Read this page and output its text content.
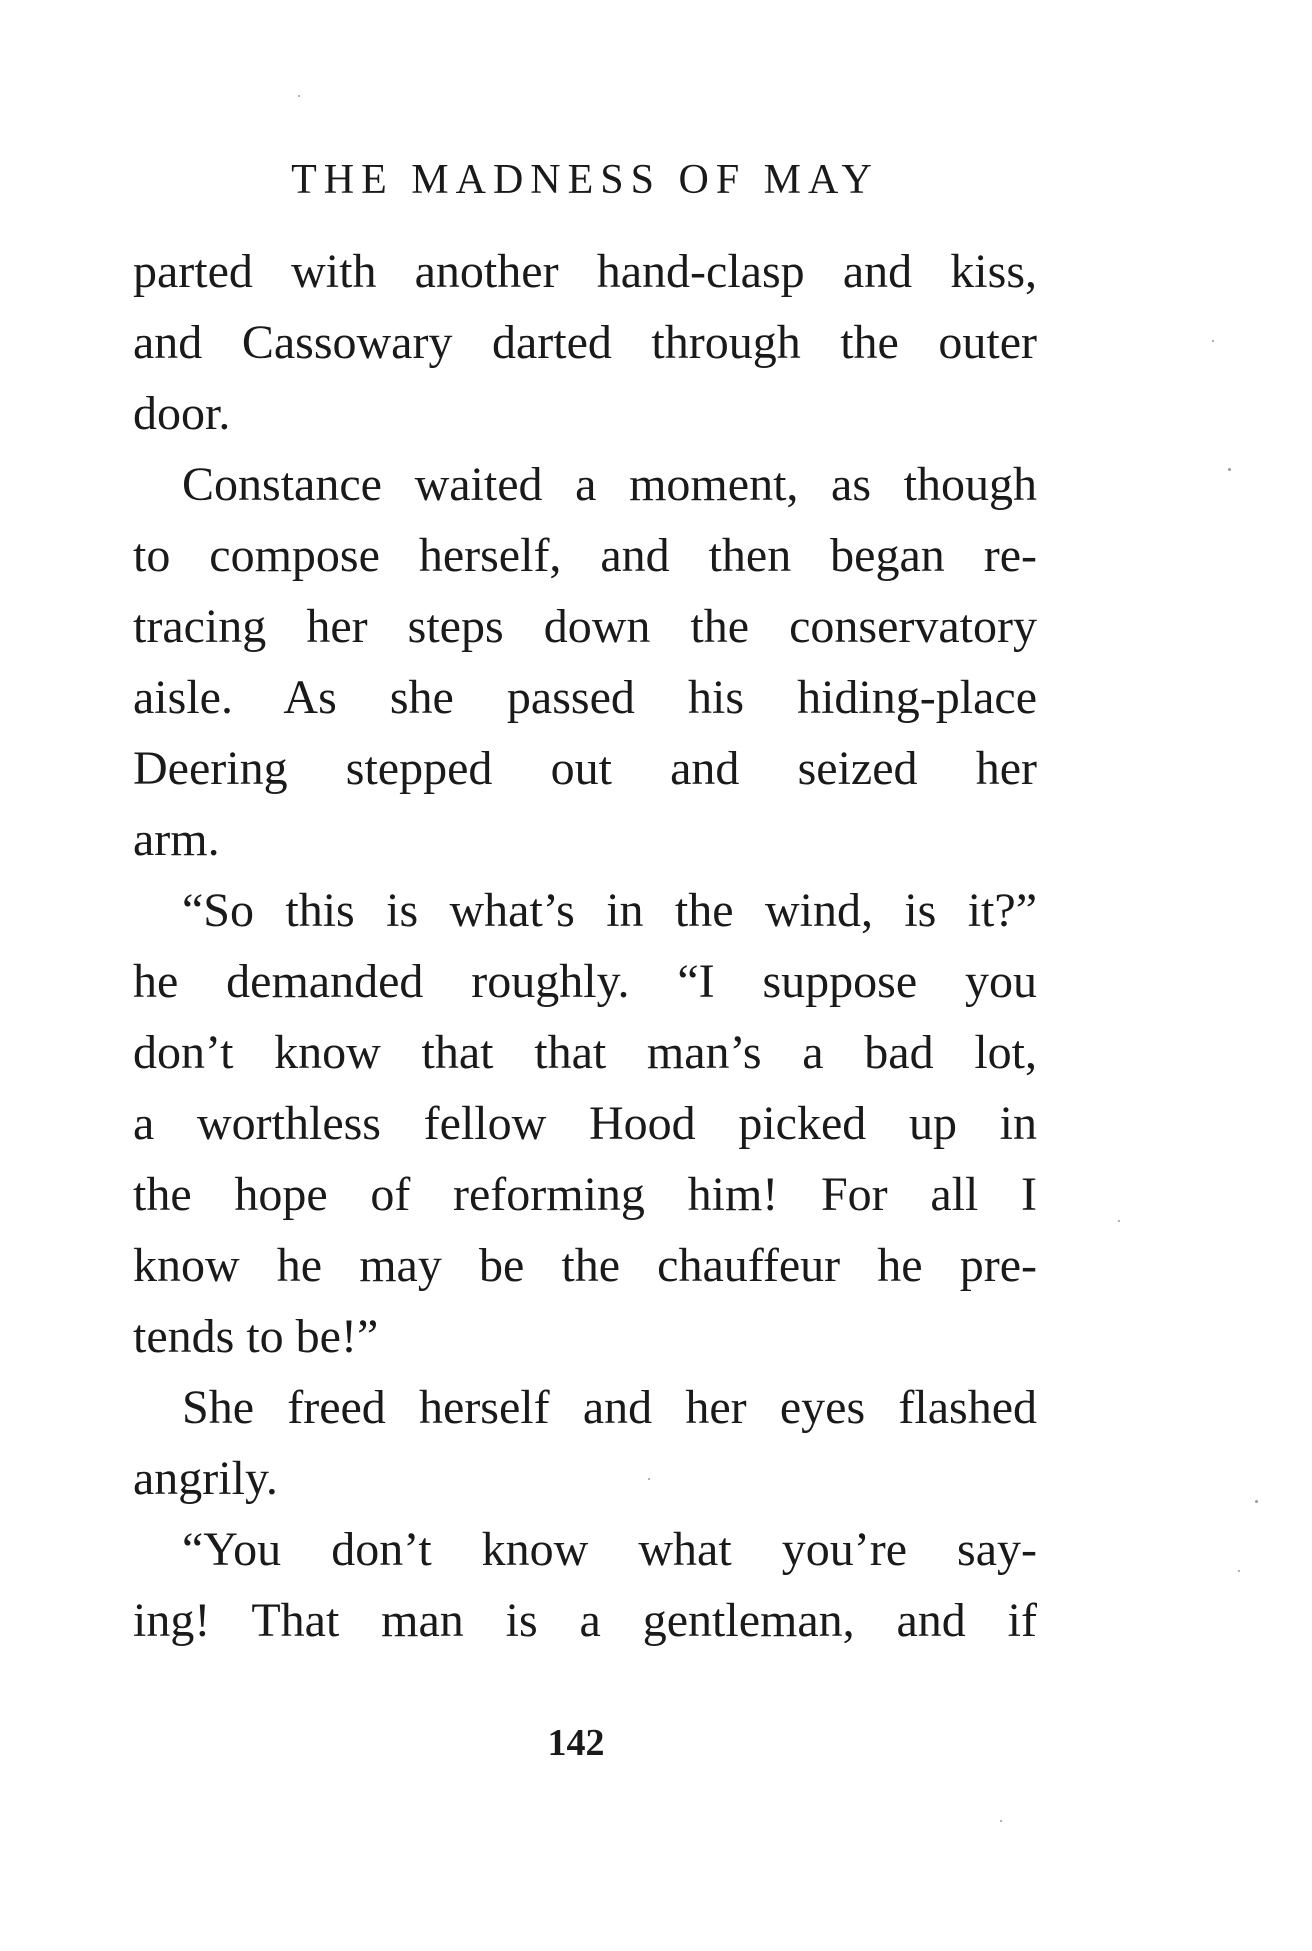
THE MADNESS OF MAY
parted with another hand-clasp and kiss,
and Cassowary darted through the outer
door.
Constance waited a moment, as though
to compose herself, and then began re-
tracing her steps down the conservatory
aisle. As she passed his hiding-place
Deering stepped out and seized her
arm.
“So this is what’s in the wind, is it?”
he demanded roughly. “I suppose you
don’t know that that man’s a bad lot,
a worthless fellow Hood picked up in
the hope of reforming him! For all I
know he may be the chauffeur he pre-
tends to be!”
She freed herself and her eyes flashed
angrily.
“You don’t know what you’re say-
ing! That man is a gentleman, and if
142
